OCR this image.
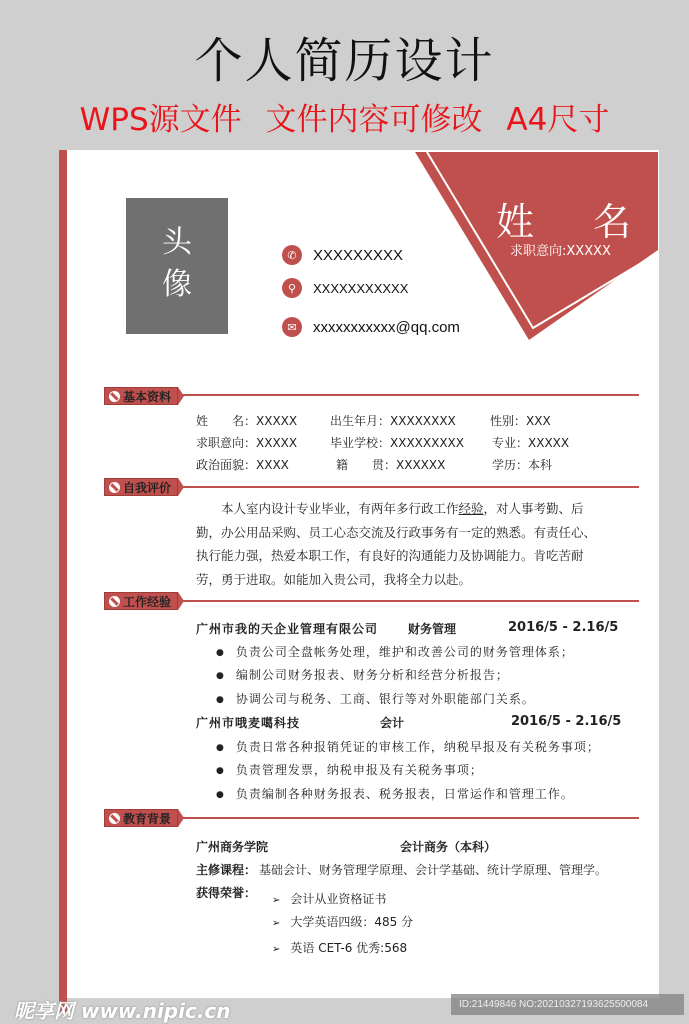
个人简历设计
WPS源文件 文件内容可修改 A4尺寸
头
像
✆	XXXXXXXXX
⚲	XXXXXXXXXXX
✉	xxxxxxxxxxx@qq.com
姓 名
求职意向:XXXXX
基本资料
姓　　名：XXXXX	出生年月：XXXXXXXX	性别：XXX
求职意向：XXXXX	毕业学校：XXXXXXXXX 专业：XXXXX
政治面貌：XXXX	籍　　贯：XXXXXX	学历：本科
自我评价
本人室内设计专业毕业，有两年多行政工作经验，对人事考勤、后勤，办公用品采购、员工心态交流及行政事务有一定的熟悉。有责任心、执行能力强，热爱本职工作，有良好的沟通能力及协调能力。肯吃苦耐劳，勇于进取。如能加入贵公司，我将全力以赴。
工作经验
广州市我的天企业管理有限公司 财务管理	2016/5 - 2.16/5
● 负责公司全盘帐务处理，维护和改善公司的财务管理体系；
● 编制公司财务报表、财务分析和经营分析报告；
● 协调公司与税务、工商、银行等对外职能部门关系。
广州市哦麦噶科技	会计	2016/5 - 2.16/5
● 负责日常各种报销凭证的审核工作，纳税早报及有关税务事项；
● 负责管理发票，纳税申报及有关税务事项；
● 负责编制各种财务报表、税务报表，日常运作和管理工作。
教育背景
广州商务学院	会计商务（本科）
主修课程： 基础会计、财务管理学原理、会计学基础、统计学原理、管理学。
获得荣誉：	➢ 会计从业资格证书
➢ 大学英语四级：485 分
➢ 英语 CET-6 优秀:568
昵享网 www.nipic.cn	ID:21449846 NO:20210327193625500084
